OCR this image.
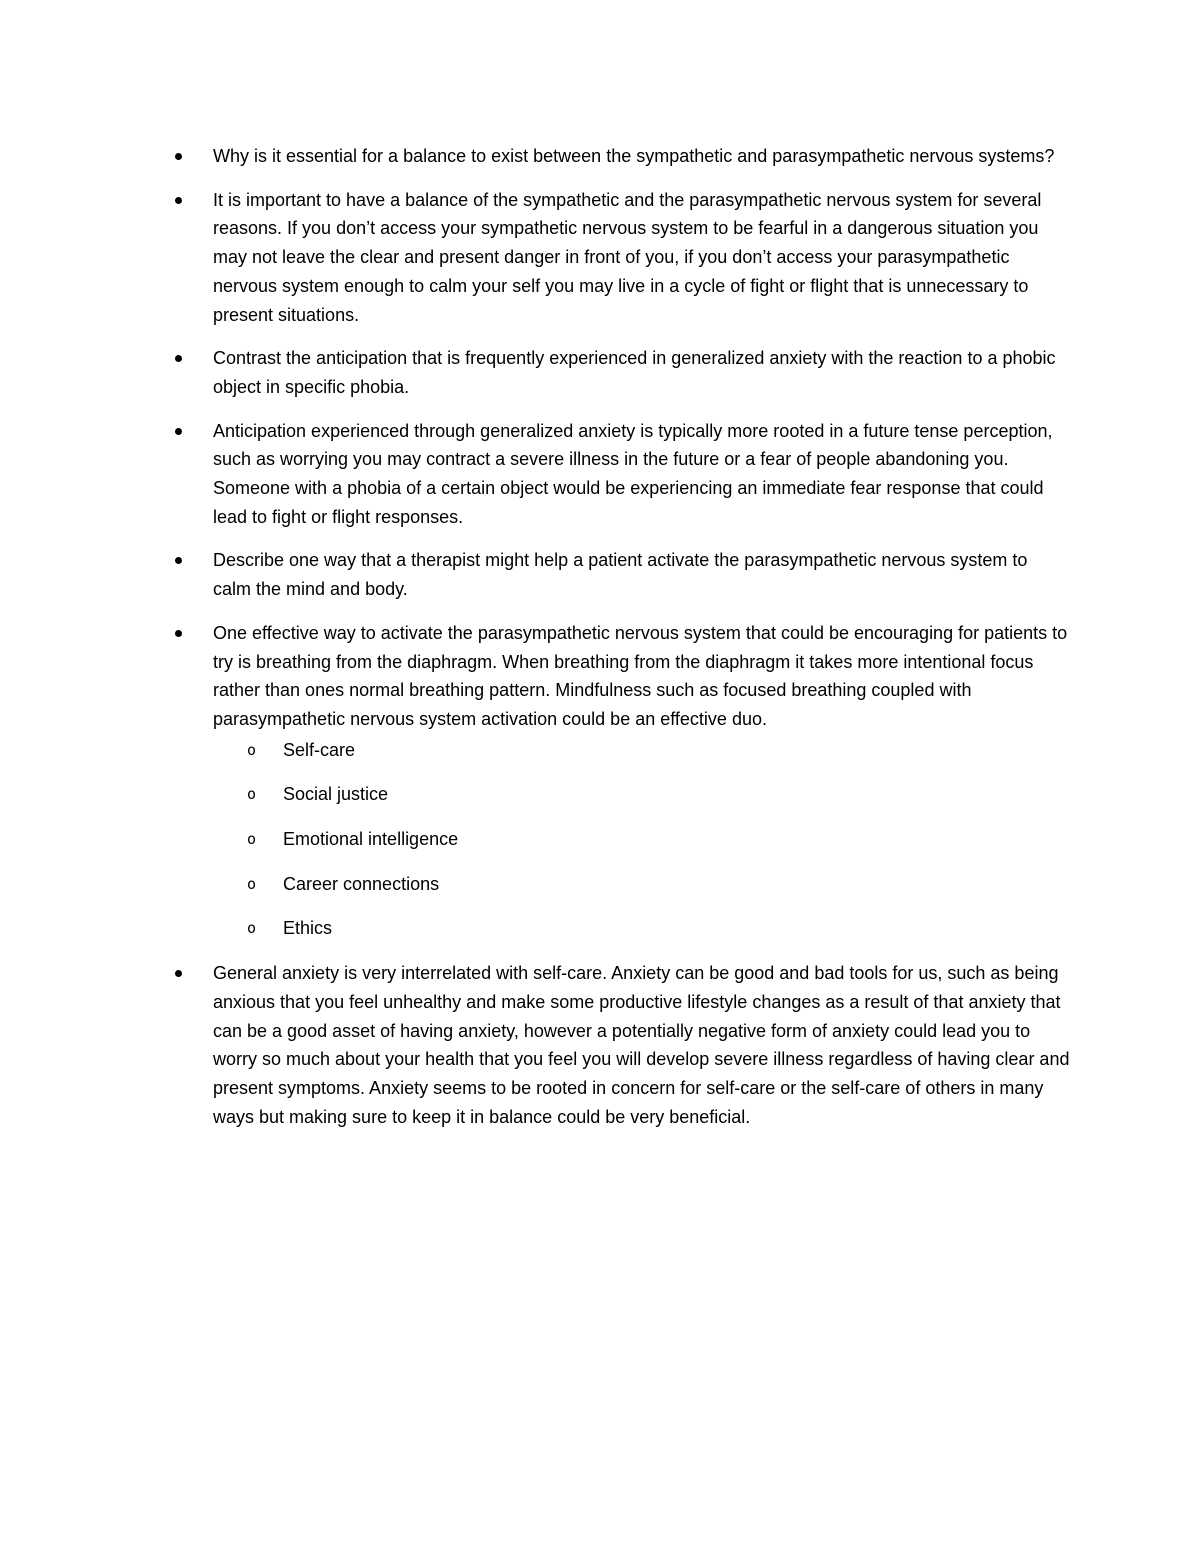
Why is it essential for a balance to exist between the sympathetic and parasympathetic nervous systems?
It is important to have a balance of the sympathetic and the parasympathetic nervous system for several reasons. If you don’t access your sympathetic nervous system to be fearful in a dangerous situation you may not leave the clear and present danger in front of you, if you don’t access your parasympathetic nervous system enough to calm your self you may live in a cycle of fight or flight that is unnecessary to present situations.
Contrast the anticipation that is frequently experienced in generalized anxiety with the reaction to a phobic object in specific phobia.
Anticipation experienced through generalized anxiety is typically more rooted in a future tense perception, such as worrying you may contract a severe illness in the future or a fear of people abandoning you. Someone with a phobia of a certain object would be experiencing an immediate fear response that could lead to fight or flight responses.
Describe one way that a therapist might help a patient activate the parasympathetic nervous system to calm the mind and body.
One effective way to activate the parasympathetic nervous system that could be encouraging for patients to try is breathing from the diaphragm. When breathing from the diaphragm it takes more intentional focus rather than ones normal breathing pattern. Mindfulness such as focused breathing coupled with parasympathetic nervous system activation could be an effective duo.
o Self-care
o Social justice
o Emotional intelligence
o Career connections
o Ethics
General anxiety is very interrelated with self-care. Anxiety can be good and bad tools for us, such as being anxious that you feel unhealthy and make some productive lifestyle changes as a result of that anxiety that can be a good asset of having anxiety, however a potentially negative form of anxiety could lead you to worry so much about your health that you feel you will develop severe illness regardless of having clear and present symptoms. Anxiety seems to be rooted in concern for self-care or the self-care of others in many ways but making sure to keep it in balance could be very beneficial.
